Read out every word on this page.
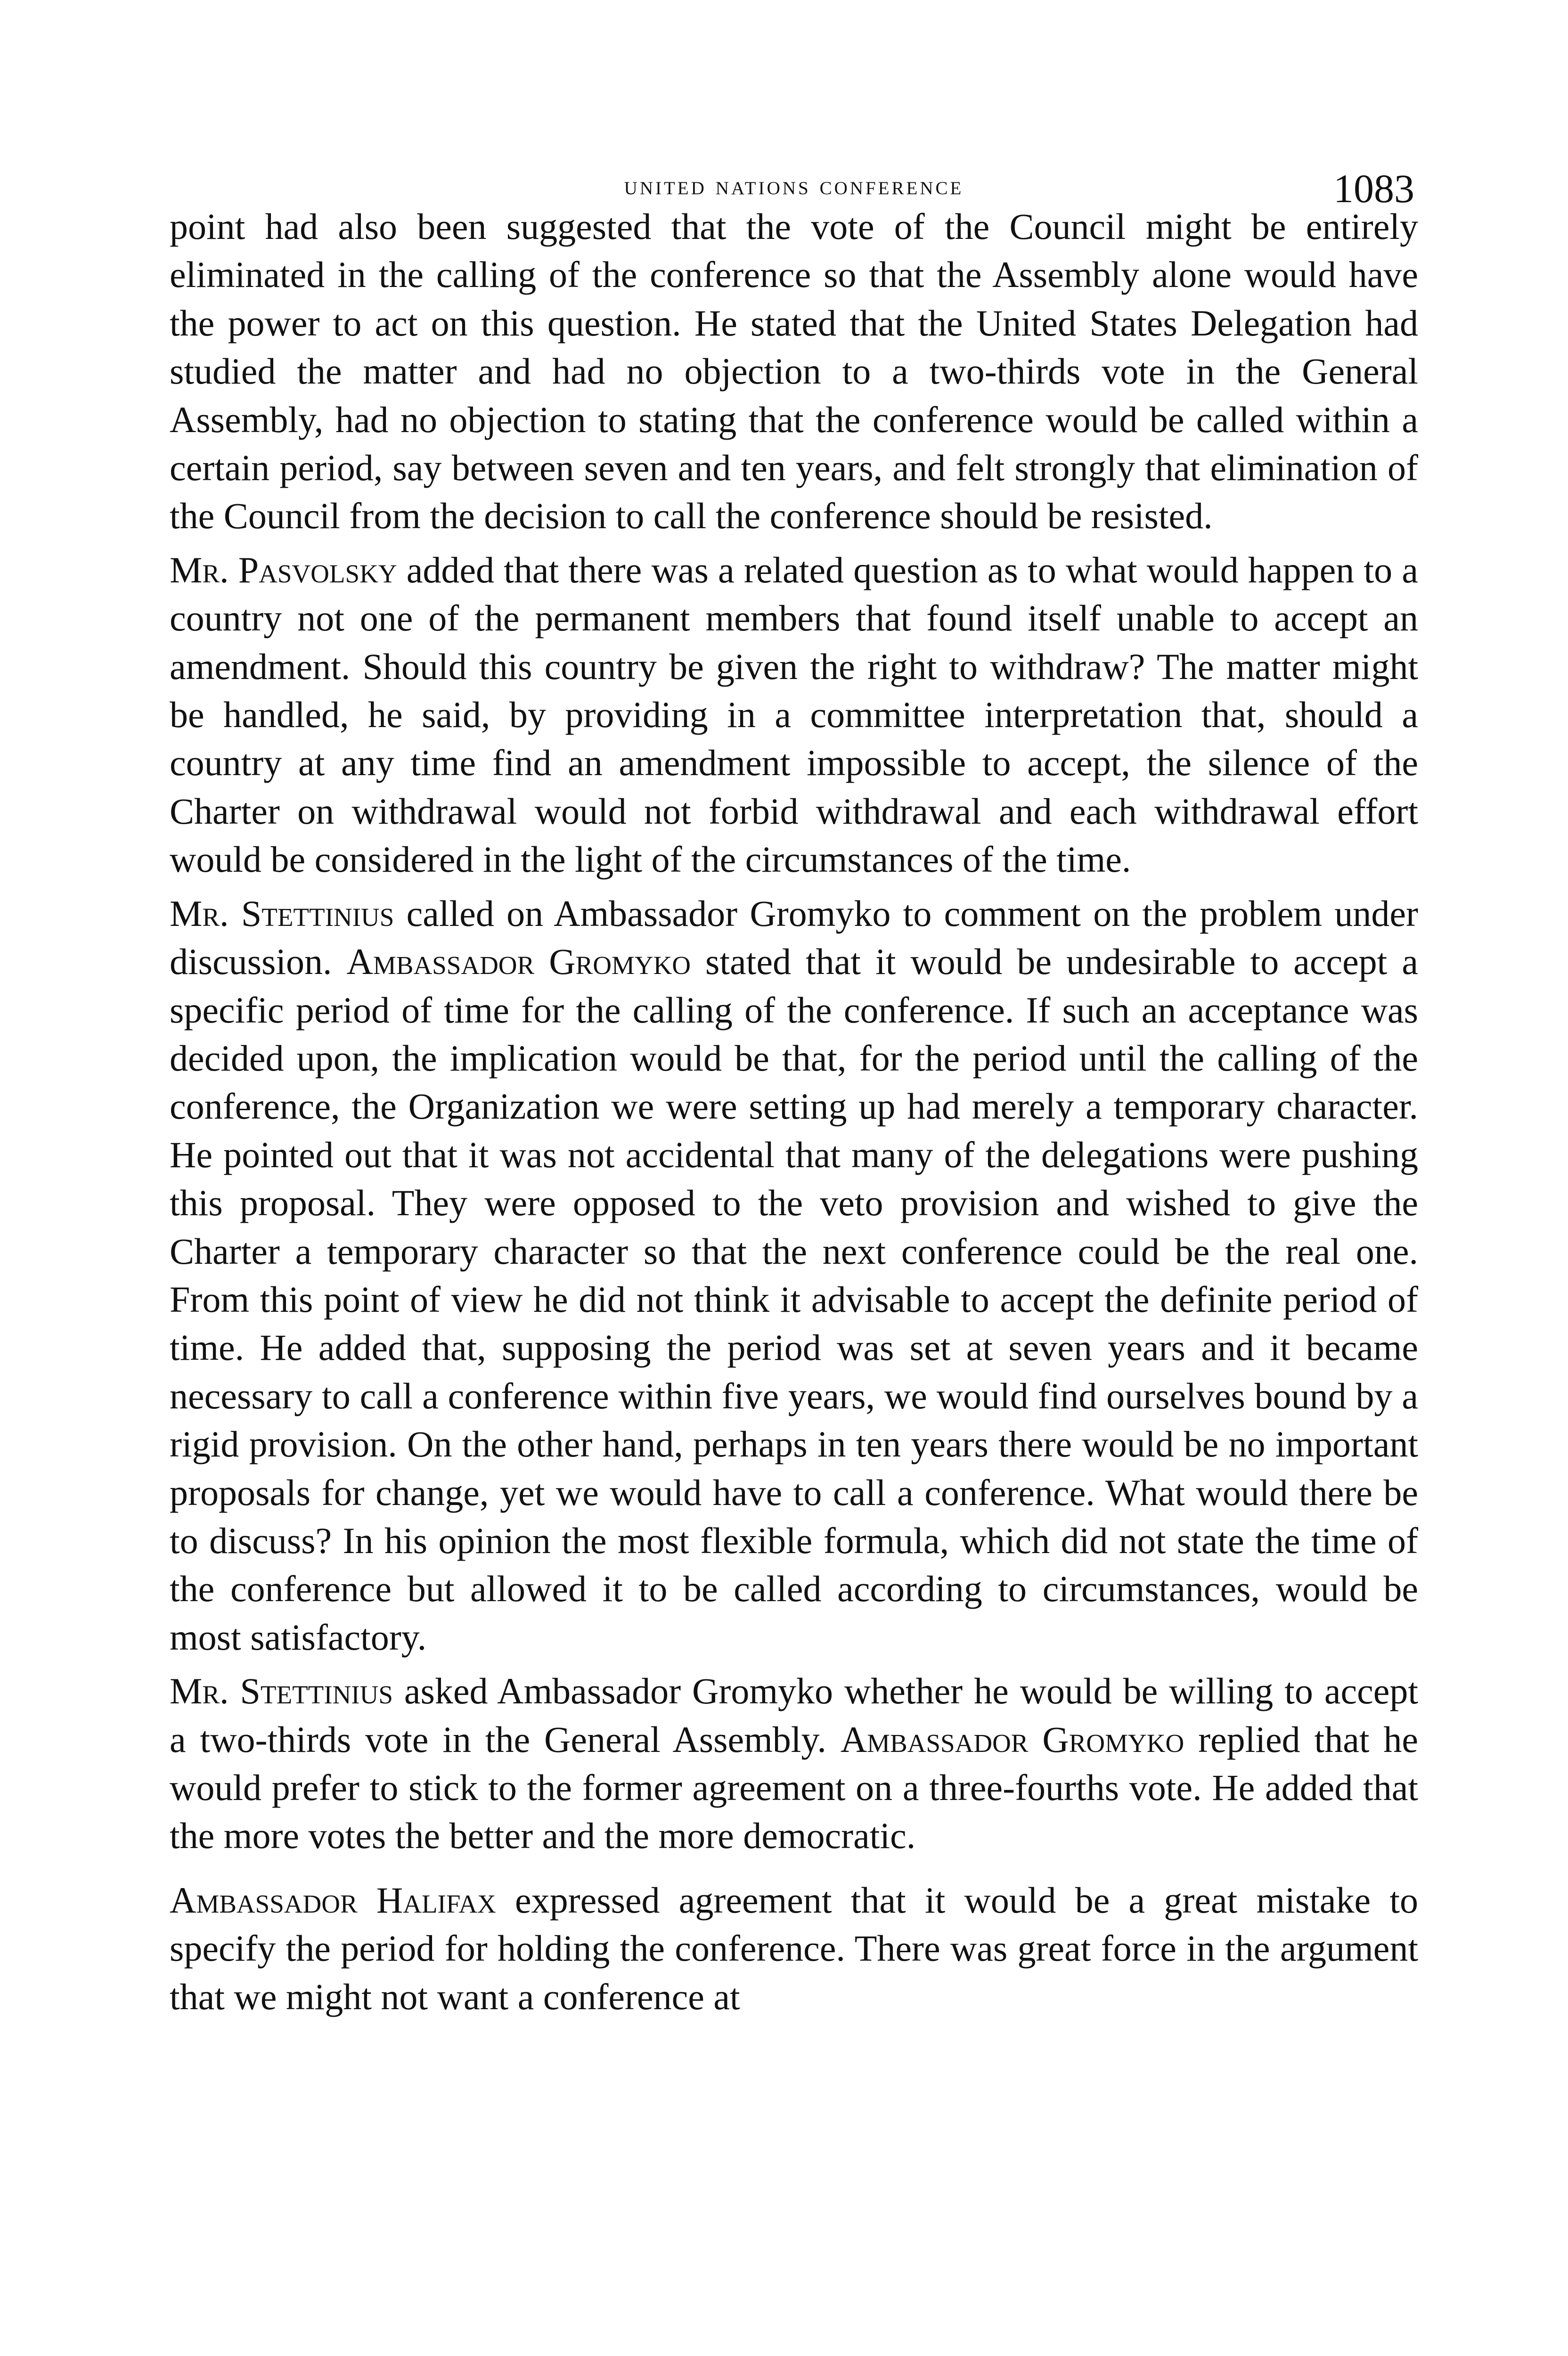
united nations conference	1083

point had also been suggested that the vote of the Council might be entirely eliminated in the calling of the conference so that the Assembly alone would have the power to act on this question. He stated that the United States Delegation had studied the matter and had no objection to a two-thirds vote in the General Assembly, had no objection to stating that the conference would be called within a certain period, say between seven and ten years, and felt strongly that elimination of the Council from the decision to call the conference should be resisted.

Mr. Pasvolsky added that there was a related question as to what would happen to a country not one of the permanent members that found itself unable to accept an amendment. Should this country be given the right to withdraw? The matter might be handled, he said, by providing in a committee interpretation that, should a country at any time find an amendment impossible to accept, the silence of the Charter on withdrawal would not forbid withdrawal and each withdrawal effort would be considered in the light of the circumstances of the time.

Mr. Stettinius called on Ambassador Gromyko to comment on the problem under discussion. Ambassador Gromyko stated that it would be undesirable to accept a specific period of time for the calling of the conference. If such an acceptance was decided upon, the implication would be that, for the period until the calling of the conference, the Organization we were setting up had merely a temporary character. He pointed out that it was not accidental that many of the delegations were pushing this proposal. They were opposed to the veto provision and wished to give the Charter a temporary character so that the next conference could be the real one. From this point of view he did not think it advisable to accept the definite period of time. He added that, supposing the period was set at seven years and it became necessary to call a conference within five years, we would find ourselves bound by a rigid provision. On the other hand, perhaps in ten years there would be no important proposals for change, yet we would have to call a conference. What would there be to discuss? In his opinion the most flexible formula, which did not state the time of the conference but allowed it to be called according to circumstances, would be most satisfactory.

Mr. Stettinius asked Ambassador Gromyko whether he would be willing to accept a two-thirds vote in the General Assembly. Ambassador Gromyko replied that he would prefer to stick to the former agreement on a three-fourths vote. He added that the more votes the better and the more democratic.

Ambassador Halifax expressed agreement that it would be a great mistake to specify the period for holding the conference. There was great force in the argument that we might not want a conference at
